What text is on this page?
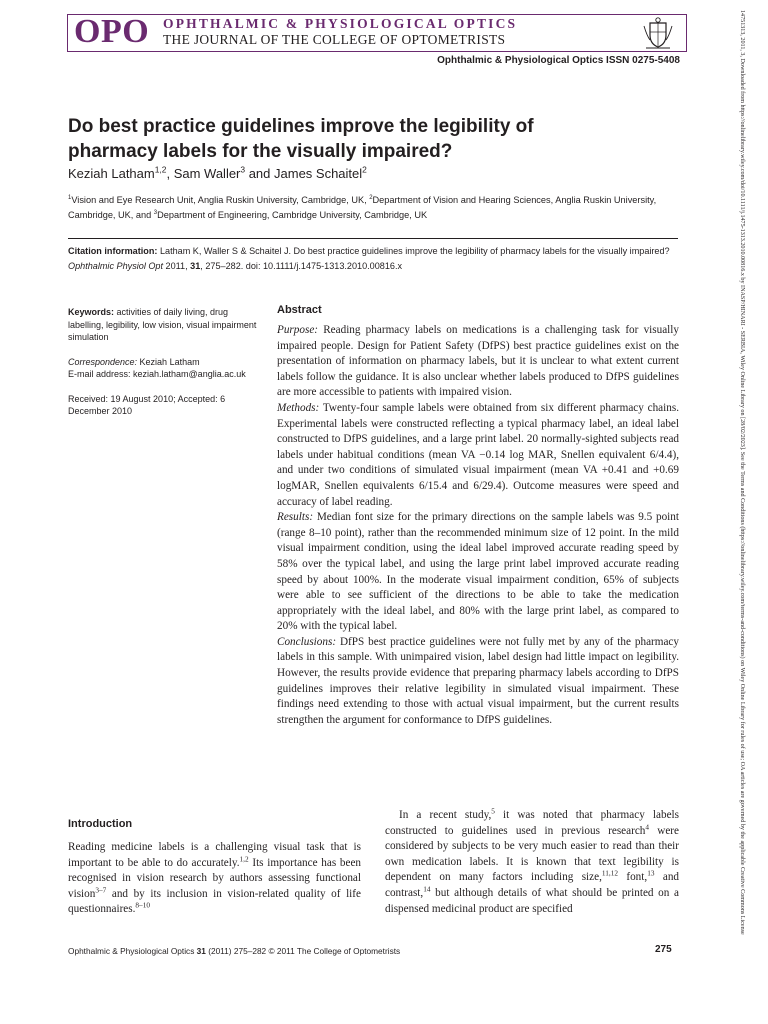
OPO OPHTHALMIC & PHYSIOLOGICAL OPTICS
THE JOURNAL OF THE COLLEGE OF OPTOMETRISTS
Ophthalmic & Physiological Optics ISSN 0275-5408
Do best practice guidelines improve the legibility of
pharmacy labels for the visually impaired?
Keziah Latham$^{1,2}$, Sam Waller$^3$ and James Schaitel$^2$
$^1$Vision and Eye Research Unit, Anglia Ruskin University, Cambridge, UK, $^2$Department of Vision and Hearing Sciences, Anglia Ruskin University,
Cambridge, UK, and $^3$Department of Engineering, Cambridge University, Cambridge, UK
Citation information: Latham K, Waller S & Schaitel J. Do best practice guidelines improve the legibility of pharmacy labels for the visually impaired? Ophthalmic Physiol Opt 2011, 31, 275–282. doi: 10.1111/j.1475-1313.2010.00816.x

Keywords: activities of daily living, drug labelling, legibility, low vision, visual impairment simulation

Correspondence: Keziah Latham
E-mail address: keziah.latham@anglia.ac.uk

Received: 19 August 2010; Accepted: 6 December 2010

Abstract

Purpose: Reading pharmacy labels on medications is a challenging task for visually impaired people. Design for Patient Safety (DfPS) best practice guidelines exist on the presentation of information on pharmacy labels, but it is unclear to what extent current labels follow the guidance. It is also unclear whether labels produced to DfPS guidelines are more accessible to patients with impaired vision.

Methods: Twenty-four sample labels were obtained from six different pharmacy chains. Experimental labels were constructed reflecting a typical pharmacy label, an ideal label constructed to DfPS guidelines, and a large print label. 20 normally-sighted subjects read labels under habitual conditions (mean VA −0.14 log MAR, Snellen equivalent 6/4.4), and under two conditions of simulated visual impairment (mean VA +0.41 and +0.69 logMAR, Snellen equivalents 6/15.4 and 6/29.4). Outcome measures were speed and accuracy of label reading.

Results: Median font size for the primary directions on the sample labels was 9.5 point (range 8–10 point), rather than the recommended minimum size of 12 point. In the mild visual impairment condition, using the ideal label improved accurate reading speed by 58% over the typical label, and using the large print label improved accurate reading speed by about 100%. In the moderate visual impairment condition, 65% of subjects were able to see sufficient of the directions to be able to take the medication appropriately with the ideal label, and 80% with the large print label, as compared to 20% with the typical label.

Conclusions: DfPS best practice guidelines were not fully met by any of the pharmacy labels in this sample. With unimpaired vision, label design had little impact on legibility. However, the results provide evidence that preparing pharmacy labels according to DfPS guidelines improves their relative legibility in simulated visual impairment. These findings need extending to those with actual visual impairment, but the current results strengthen the argument for conformance to DfPS guidelines.

Introduction
Reading medicine labels is a challenging visual task that is important to be able to do accurately.$^{1,2}$ Its importance has been recognised in vision research by authors assessing functional vision$^{3-7}$ and by its inclusion in vision-related quality of life questionnaires.$^{8-10}$
In a recent study,$^5$ it was noted that pharmacy labels constructed to guidelines used in previous research$^4$ were considered by subjects to be very much easier to read than their own medication labels. It is known that text legibility is dependent on many factors including size,$^{11,12}$ font,$^{13}$ and contrast,$^{14}$ but although details of what should be printed on a dispensed medicinal product are specified
Ophthalmic & Physiological Optics 31 (2011) 275–282 © 2011 The College of Optometrists	275
14751313, 2011, 3, Downloaded from https://onlinelibrary.wiley.com/doi/10.1111/j.1475-1313.2010.00816.x by INASP/HINARI - SERBIA, Wiley Online Library on [28/02/2023]. See the Terms and Conditions (https://onlinelibrary.wiley.com/terms-and-conditions) on Wiley Online Library for rules of use; OA articles are governed by the applicable Creative Commons License
